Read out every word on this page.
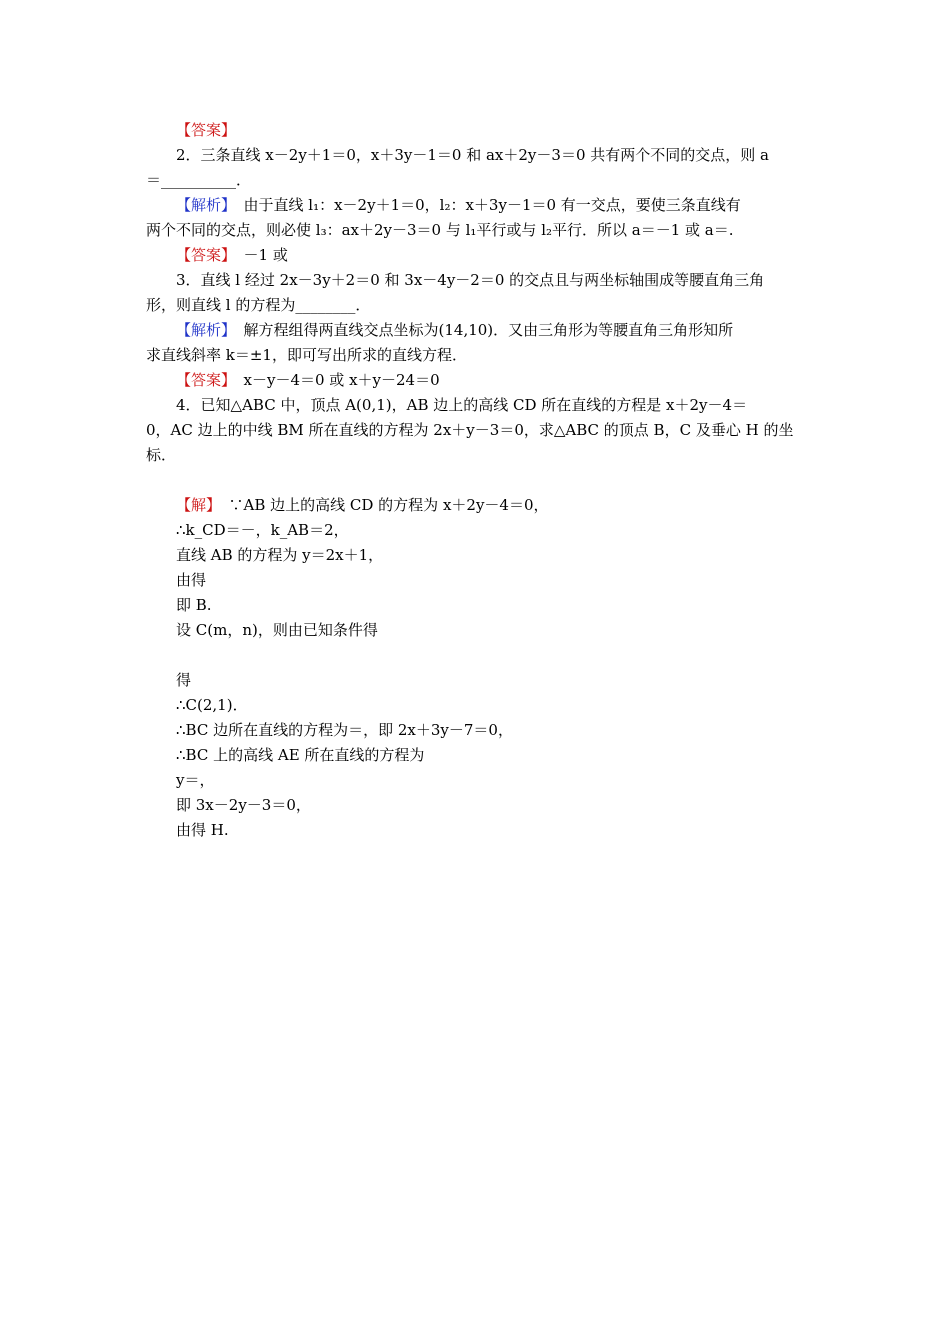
【答案】
2．三条直线 x－2y＋1＝0，x＋3y－1＝0 和 ax＋2y－3＝0 共有两个不同的交点，则 a
＝__________．
【解析】　由于直线 l₁：x－2y＋1＝0，l₂：x＋3y－1＝0 有一交点，要使三条直线有
两个不同的交点，则必使 l₃：ax＋2y－3＝0 与 l₁平行或与 l₂平行．所以 a＝－1 或 a＝.
【答案】　－1 或
3．直线 l 经过 2x－3y＋2＝0 和 3x－4y－2＝0 的交点且与两坐标轴围成等腰直角三角
形，则直线 l 的方程为________．
【解析】　解方程组得两直线交点坐标为(14,10)．又由三角形为等腰直角三角形知所
求直线斜率 k＝±1，即可写出所求的直线方程．
【答案】　x－y－4＝0 或 x＋y－24＝0
4．已知△ABC 中，顶点 A(0,1)，AB 边上的高线 CD 所在直线的方程是 x＋2y－4＝
0，AC 边上的中线 BM 所在直线的方程为 2x＋y－3＝0，求△ABC 的顶点 B，C 及垂心 H 的坐
标．
【解】　∵AB 边上的高线 CD 的方程为 x＋2y－4＝0，
∴k_CD＝－，k_AB＝2，
直线 AB 的方程为 y＝2x＋1，
由得
即 B.
设 C(m，n)，则由已知条件得
得
∴C(2,1)．
∴BC 边所在直线的方程为＝，即 2x＋3y－7＝0，
∴BC 上的高线 AE 所在直线的方程为
y＝，
即 3x－2y－3＝0，
由得 H.
